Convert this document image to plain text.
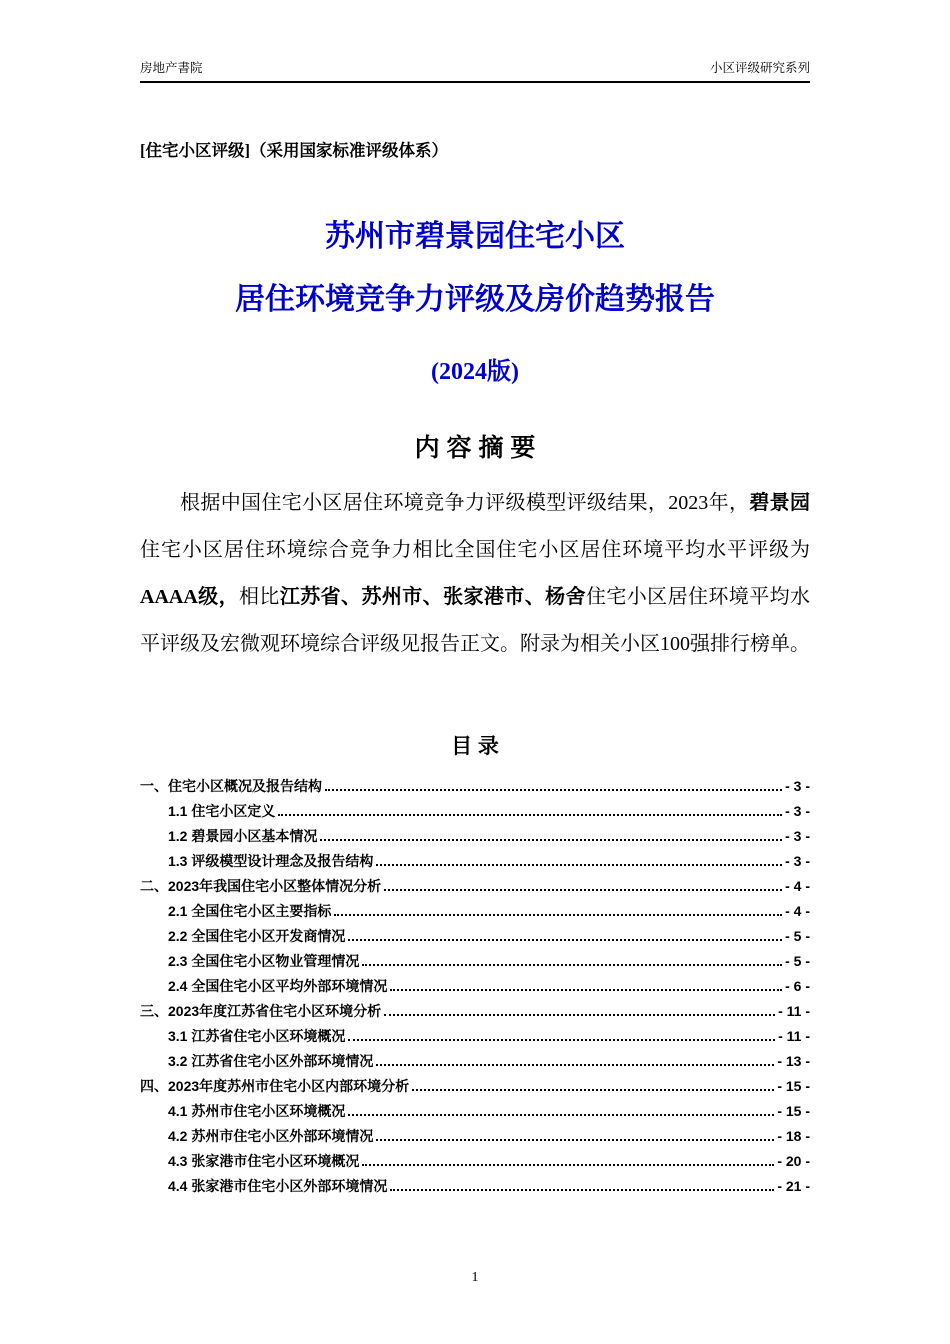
房地产書院	小区评级研究系列

[住宅小区评级]（采用国家标准评级体系）

苏州市碧景园住宅小区
居住环境竞争力评级及房价趋势报告
(2024版)
内 容 摘 要

根据中国住宅小区居住环境竞争力评级模型评级结果，2023年，碧景园住宅小区居住环境综合竞争力相比全国住宅小区居住环境平均水平评级为AAAA级，相比江苏省、苏州市、张家港市、杨舍住宅小区居住环境平均水平评级及宏微观环境综合评级见报告正文。附录为相关小区100强排行榜单。

目 录
一、住宅小区概况及报告结构	- 3 -
1.1 住宅小区定义	- 3 -
1.2 碧景园小区基本情况	- 3 -
1.3 评级模型设计理念及报告结构	- 3 -
二、2023年我国住宅小区整体情况分析	- 4 -
2.1 全国住宅小区主要指标	- 4 -
2.2 全国住宅小区开发商情况	- 5 -
2.3 全国住宅小区物业管理情况	- 5 -
2.4 全国住宅小区平均外部环境情况	- 6 -
三、2023年度江苏省住宅小区环境分析	- 11 -
3.1 江苏省住宅小区环境概况	- 11 -
3.2 江苏省住宅小区外部环境情况	- 13 -
四、2023年度苏州市住宅小区内部环境分析	- 15 -
4.1 苏州市住宅小区环境概况	- 15 -
4.2 苏州市住宅小区外部环境情况	- 18 -
4.3 张家港市住宅小区环境概况	- 20 -
4.4 张家港市住宅小区外部环境情况	- 21 -
1
